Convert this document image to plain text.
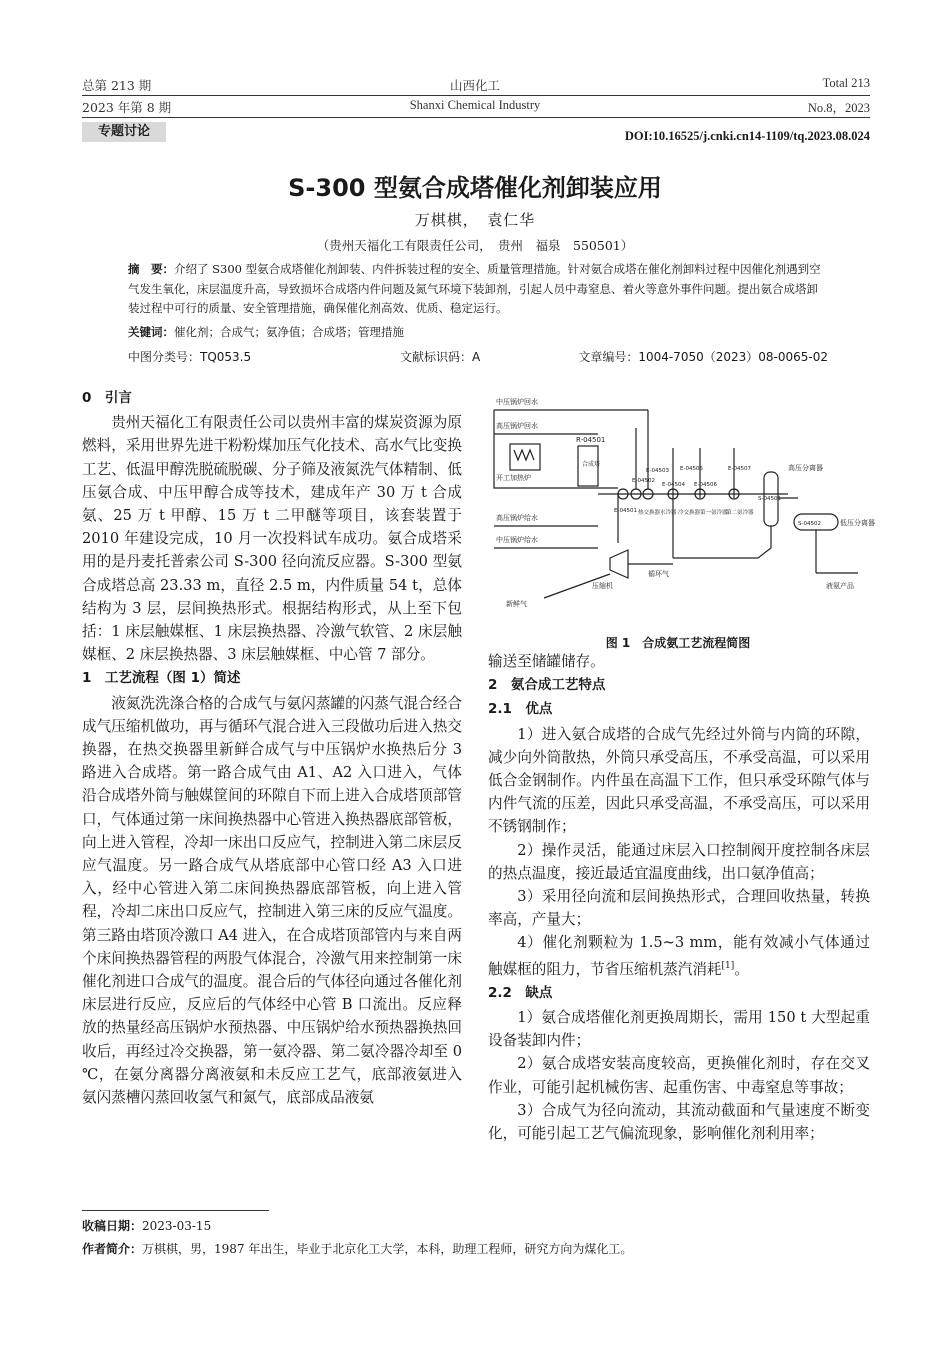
总第 213 期
2023 年第 8 期
山西化工
Shanxi Chemical Industry
Total 213
No.8，2023
专题讨论	DOI:10.16525/j.cnki.cn14-1109/tq.2023.08.024
S-300 型氨合成塔催化剂卸装应用
万棋棋，　袁仁华
（贵州天福化工有限责任公司，　贵州　福泉　550501）
摘　要：介绍了 S300 型氨合成塔催化剂卸装、内件拆装过程的安全、质量管理措施。针对氨合成塔在催化剂卸料过程中因催化剂遇到空气发生氧化，床层温度升高，导致损坏合成塔内件问题及氮气环境下装卸剂，引起人员中毒窒息、着火等意外事件问题。提出氨合成塔卸装过程中可行的质量、安全管理措施，确保催化剂高效、优质、稳定运行。
关键词：催化剂；合成气；氨净值；合成塔；管理措施
中图分类号：TQ053.5	文献标识码：A	文章编号：1004-7050（2023）08-0065-02
0　引言

贵州天福化工有限责任公司以贵州丰富的煤炭资源为原燃料，采用世界先进干粉粉煤加压气化技术、高水气比变换工艺、低温甲醇洗脱硫脱碳、分子筛及液氮洗气体精制、低压氨合成、中压甲醇合成等技术，建成年产 30 万 t 合成氨、25 万 t 甲醇、15 万 t 二甲醚等项目，该套装置于 2010 年建设完成，10 月一次投料试车成功。氨合成塔采用的是丹麦托普索公司 S-300 径向流反应器。S-300 型氨合成塔总高 23.33 m，直径 2.5 m，内件质量 54 t，总体结构为 3 层，层间换热形式。根据结构形式，从上至下包括：1 床层触媒框、1 床层换热器、冷激气软管、2 床层触媒框、2 床层换热器、3 床层触媒框、中心管 7 部分。

1　工艺流程（图 1）简述

液氮洗洗涤合格的合成气与氨闪蒸罐的闪蒸气混合经合成气压缩机做功，再与循环气混合进入三段做功后进入热交换器，在热交换器里新鲜合成气与中压锅炉水换热后分 3 路进入合成塔。第一路合成气由 A1、A2 入口进入，气体沿合成塔外筒与触媒筐间的环隙自下而上进入合成塔顶部管口，气体通过第一床间换热器中心管进入换热器底部管板，向上进入管程，冷却一床出口反应气，控制进入第二床层反应气温度。另一路合成气从塔底部中心管口经 A3 入口进入，经中心管进入第二床间换热器底部管板，向上进入管程，冷却二床出口反应气，控制进入第三床的反应气温度。第三路由塔顶冷激口 A4 进入，在合成塔顶部管内与来自两个床间换热器管程的两股气体混合，冷激气用来控制第一床催化剂进口合成气的温度。混合后的气体径向通过各催化剂床层进行反应，反应后的气体经中心管 B 口流出。反应释放的热量经高压锅炉水预热器、中压锅炉给水预热器换热回收后，再经过冷交换器，第一氨冷器、第二氨冷器冷却至 0 ℃，在氨分离器分离液氨和未反应工艺气，底部液氨进入氨闪蒸槽闪蒸回收氢气和氮气，底部成品液氨

中压锅炉回水
高压锅炉回水
R-04501
合成塔
开工加热炉
高压锅炉给水
中压锅炉给水
E-04501
E-04502
E-04503
E-04504
E-04505
E-04506
E-04507
热交换器 水冷器 冷交换器 第一氨冷器
第二氨冷器
高压分离器
S-04501
S-04502	低压分离器
液氨产品
压缩机
循环气
新鲜气
图 1　合成氨工艺流程简图
输送至储罐储存。
2　氨合成工艺特点
2.1　优点

1）进入氨合成塔的合成气先经过外筒与内筒的环隙，减少向外筒散热，外筒只承受高压，不承受高温，可以采用低合金钢制作。内件虽在高温下工作，但只承受环隙气体与内件气流的压差，因此只承受高温，不承受高压，可以采用不锈钢制作；

2）操作灵活，能通过床层入口控制阀开度控制各床层的热点温度，接近最适宜温度曲线，出口氨净值高；

3）采用径向流和层间换热形式，合理回收热量，转换率高，产量大；

4）催化剂颗粒为 1.5~3 mm，能有效减小气体通过触媒框的阻力，节省压缩机蒸汽消耗[1]。

2.2　缺点

1）氨合成塔催化剂更换周期长，需用 150 t 大型起重设备装卸内件；

2）氨合成塔安装高度较高，更换催化剂时，存在交叉作业，可能引起机械伤害、起重伤害、中毒窒息等事故；

3）合成气为径向流动，其流动截面和气量速度不断变化，可能引起工艺气偏流现象，影响催化剂利用率；

收稿日期：2023-03-15
作者简介：万棋棋，男，1987 年出生，毕业于北京化工大学，本科，助理工程师，研究方向为煤化工。
